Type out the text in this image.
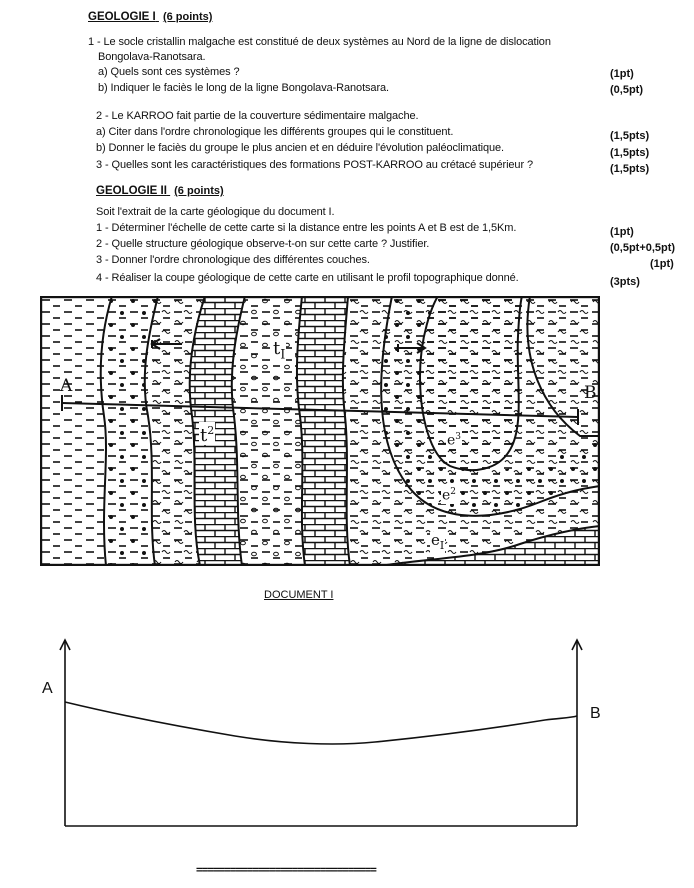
GEOLOGIE I (6 points)
1 - Le socle cristallin malgache est constitué de deux systèmes au Nord de la ligne de dislocation
Bongolava-Ranotsara.
a) Quels sont ces systèmes ?	(1pt)
b) Indiquer le faciès le long de la ligne Bongolava-Ranotsara.	(0,5pt)
2 - Le KARROO fait partie de la couverture sédimentaire malgache.
a) Citer dans l'ordre chronologique les différents groupes qui le constituent.	(1,5pts)
b) Donner le faciès du groupe le plus ancien et en déduire l'évolution paléoclimatique.	(1,5pts)
3 - Quelles sont les caractéristiques des formations POST-KARROO au crétacé supérieur ?	(1,5pts)
GEOLOGIE II (6 points)
Soit l'extrait de la carte géologique du document I.
1 - Déterminer l'échelle de cette carte si la distance entre les points A et B est de 1,5Km.	(1pt)
2 - Quelle structure géologique observe-t-on sur cette carte ? Justifier.	(0,5pt+0,5pt)
3 - Donner l'ordre chronologique des différentes couches.	(1pt)
4 - Réaliser la coupe géologique de cette carte en utilisant le profil topographique donné.	(3pts)
A	B
$t_I$
$t^2$
$e^3$
$e^2$
$e_I$
DOCUMENT I
A
B
================================
